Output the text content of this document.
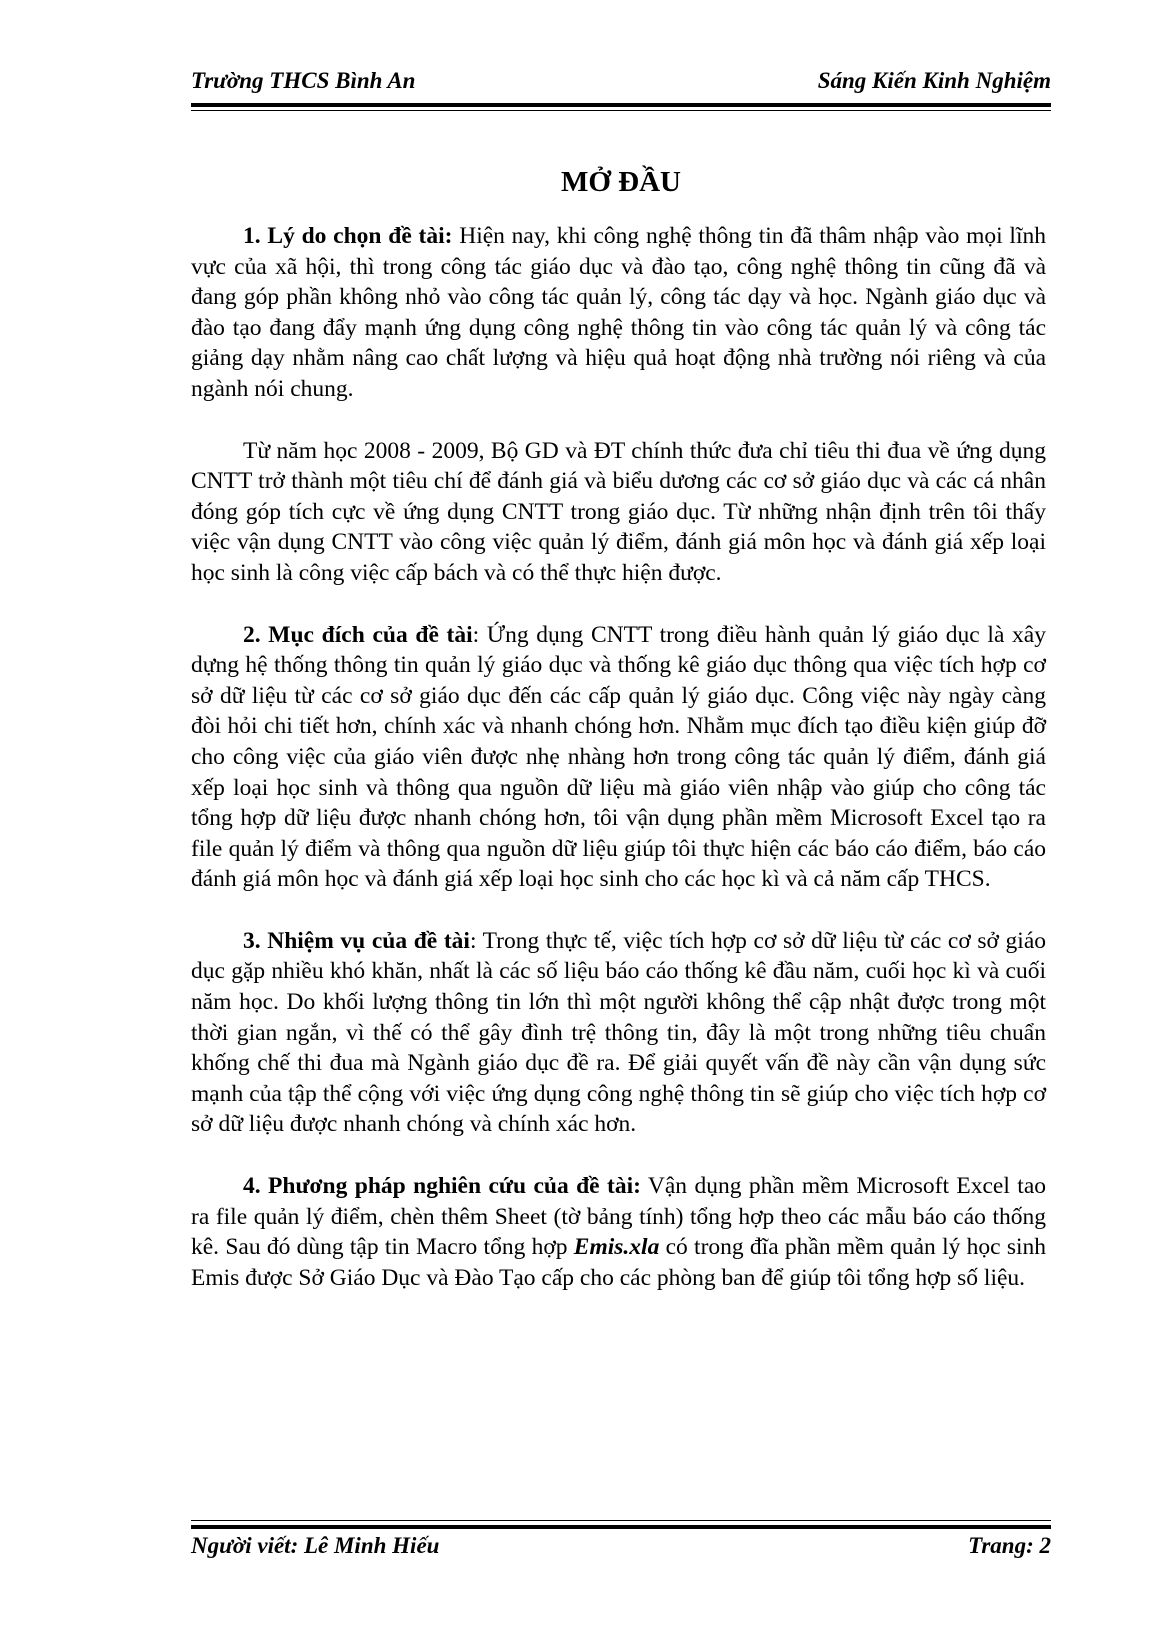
Trường THCS Bình An	Sáng Kiến Kinh Nghiệm
MỞ ĐẦU

1. Lý do chọn đề tài: Hiện nay, khi công nghệ thông tin đã thâm nhập vào mọi lĩnh vực của xã hội, thì trong công tác giáo dục và đào tạo, công nghệ thông tin cũng đã và đang góp phần không nhỏ vào công tác quản lý, công tác dạy và học. Ngành giáo dục và đào tạo đang đẩy mạnh ứng dụng công nghệ thông tin vào công tác quản lý và công tác giảng dạy nhằm nâng cao chất lượng và hiệu quả hoạt động nhà trường nói riêng và của ngành nói chung.

Từ năm học 2008 - 2009, Bộ GD và ĐT chính thức đưa chỉ tiêu thi đua về ứng dụng CNTT trở thành một tiêu chí để đánh giá và biểu dương các cơ sở giáo dục và các cá nhân đóng góp tích cực về ứng dụng CNTT trong giáo dục. Từ những nhận định trên tôi thấy việc vận dụng CNTT vào công việc quản lý điểm, đánh giá môn học và đánh giá xếp loại học sinh là công việc cấp bách và có thể thực hiện được.

2. Mục đích của đề tài: Ứng dụng CNTT trong điều hành quản lý giáo dục là xây dựng hệ thống thông tin quản lý giáo dục và thống kê giáo dục thông qua việc tích hợp cơ sở dữ liệu từ các cơ sở giáo dục đến các cấp quản lý giáo dục. Công việc này ngày càng đòi hỏi chi tiết hơn, chính xác và nhanh chóng hơn. Nhằm mục đích tạo điều kiện giúp đỡ cho công việc của giáo viên được nhẹ nhàng hơn trong công tác quản lý điểm, đánh giá xếp loại học sinh và thông qua nguồn dữ liệu mà giáo viên nhập vào giúp cho công tác tổng hợp dữ liệu được nhanh chóng hơn, tôi vận dụng phần mềm Microsoft Excel tạo ra file quản lý điểm và thông qua nguồn dữ liệu giúp tôi thực hiện các báo cáo điểm, báo cáo đánh giá môn học và đánh giá xếp loại học sinh cho các học kì và cả năm cấp THCS.

3. Nhiệm vụ của đề tài: Trong thực tế, việc tích hợp cơ sở dữ liệu từ các cơ sở giáo dục gặp nhiều khó khăn, nhất là các số liệu báo cáo thống kê đầu năm, cuối học kì và cuối năm học. Do khối lượng thông tin lớn thì một người không thể cập nhật được trong một thời gian ngắn, vì thế có thể gây đình trệ thông tin, đây là một trong những tiêu chuẩn khống chế thi đua mà Ngành giáo dục đề ra. Để giải quyết vấn đề này cần vận dụng sức mạnh của tập thể cộng với việc ứng dụng công nghệ thông tin sẽ giúp cho việc tích hợp cơ sở dữ liệu được nhanh chóng và chính xác hơn.

4. Phương pháp nghiên cứu của đề tài: Vận dụng phần mềm Microsoft Excel tao ra file quản lý điểm, chèn thêm Sheet (tờ bảng tính) tổng hợp theo các mẫu báo cáo thống kê. Sau đó dùng tập tin Macro tổng hợp Emis.xla có trong đĩa phần mềm quản lý học sinh Emis được Sở Giáo Dục và Đào Tạo cấp cho các phòng ban để giúp tôi tổng hợp số liệu.

Người viết: Lê Minh Hiếu	Trang: 2
